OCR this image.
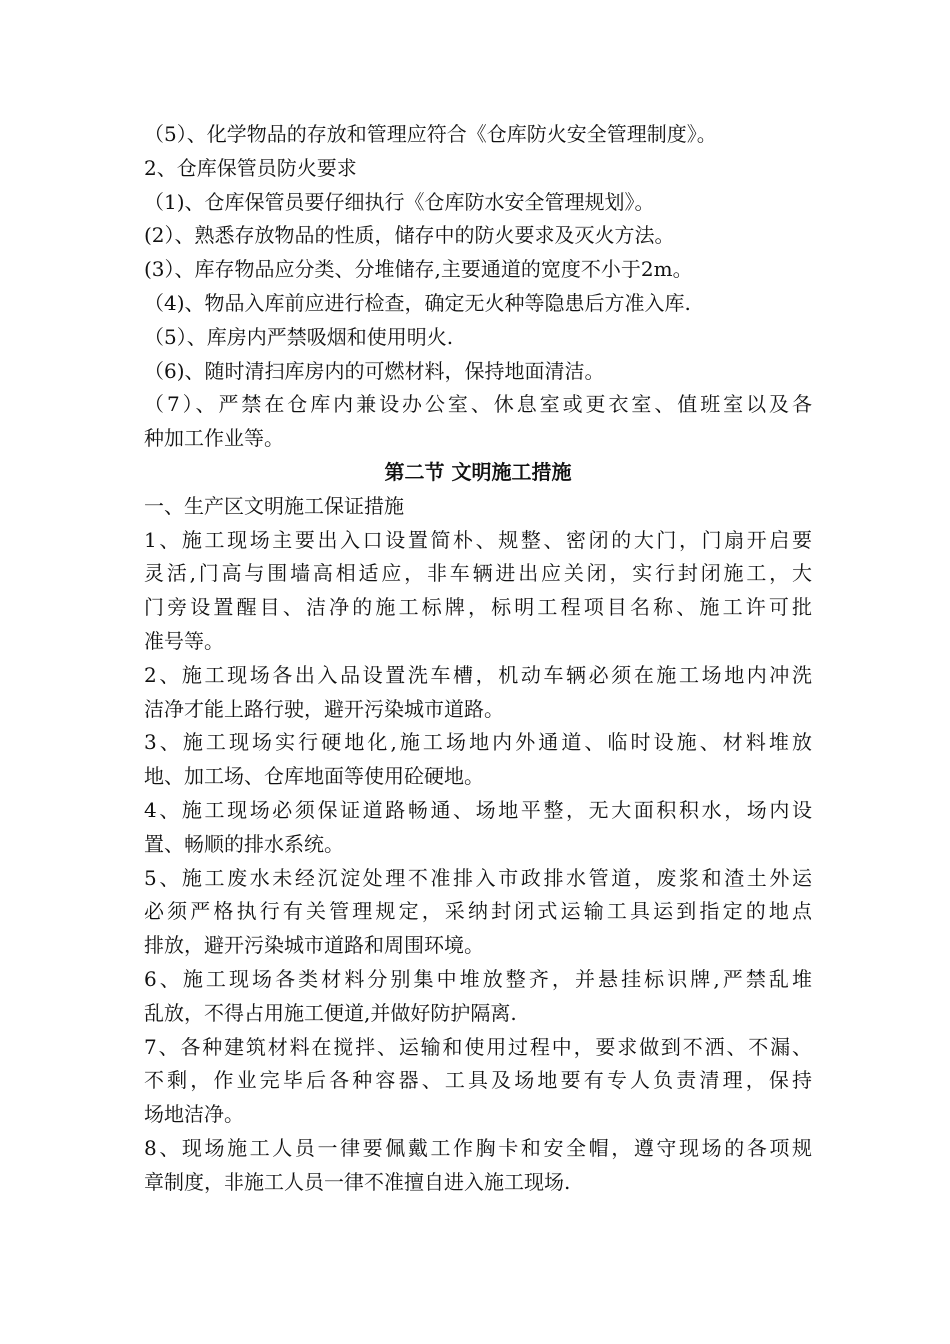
（5）、化学物品的存放和管理应符合《仓库防火安全管理制度》。
2、仓库保管员防火要求
（1)、仓库保管员要仔细执行《仓库防水安全管理规划》。
(2）、熟悉存放物品的性质，储存中的防火要求及灭火方法。
(3）、库存物品应分类、分堆储存,主要通道的宽度不小于2m。
（4)、物品入库前应进行检查，确定无火种等隐患后方准入库.
（5）、库房内严禁吸烟和使用明火.
（6)、随时清扫库房内的可燃材料，保持地面清洁。
（7）、严禁在仓库内兼设办公室、休息室或更衣室、值班室以及各
种加工作业等。
第二节 文明施工措施
一、生产区文明施工保证措施
1、施工现场主要出入口设置简朴、规整、密闭的大门，门扇开启要
灵活,门高与围墙高相适应，非车辆进出应关闭，实行封闭施工，大
门旁设置醒目、洁净的施工标牌，标明工程项目名称、施工许可批
准号等。
2、施工现场各出入品设置洗车槽，机动车辆必须在施工场地内冲洗
洁净才能上路行驶，避开污染城市道路。
3、施工现场实行硬地化,施工场地内外通道、临时设施、材料堆放
地、加工场、仓库地面等使用砼硬地。
4、施工现场必须保证道路畅通、场地平整，无大面积积水，场内设
置、畅顺的排水系统。
5、施工废水未经沉淀处理不准排入市政排水管道，废浆和渣土外运
必须严格执行有关管理规定，采纳封闭式运输工具运到指定的地点
排放，避开污染城市道路和周围环境。
6、施工现场各类材料分别集中堆放整齐，并悬挂标识牌,严禁乱堆
乱放，不得占用施工便道,并做好防护隔离.
7、各种建筑材料在搅拌、运输和使用过程中，要求做到不洒、不漏、
不剩，作业完毕后各种容器、工具及场地要有专人负责清理，保持
场地洁净。
8、现场施工人员一律要佩戴工作胸卡和安全帽，遵守现场的各项规
章制度，非施工人员一律不准擅自进入施工现场.
